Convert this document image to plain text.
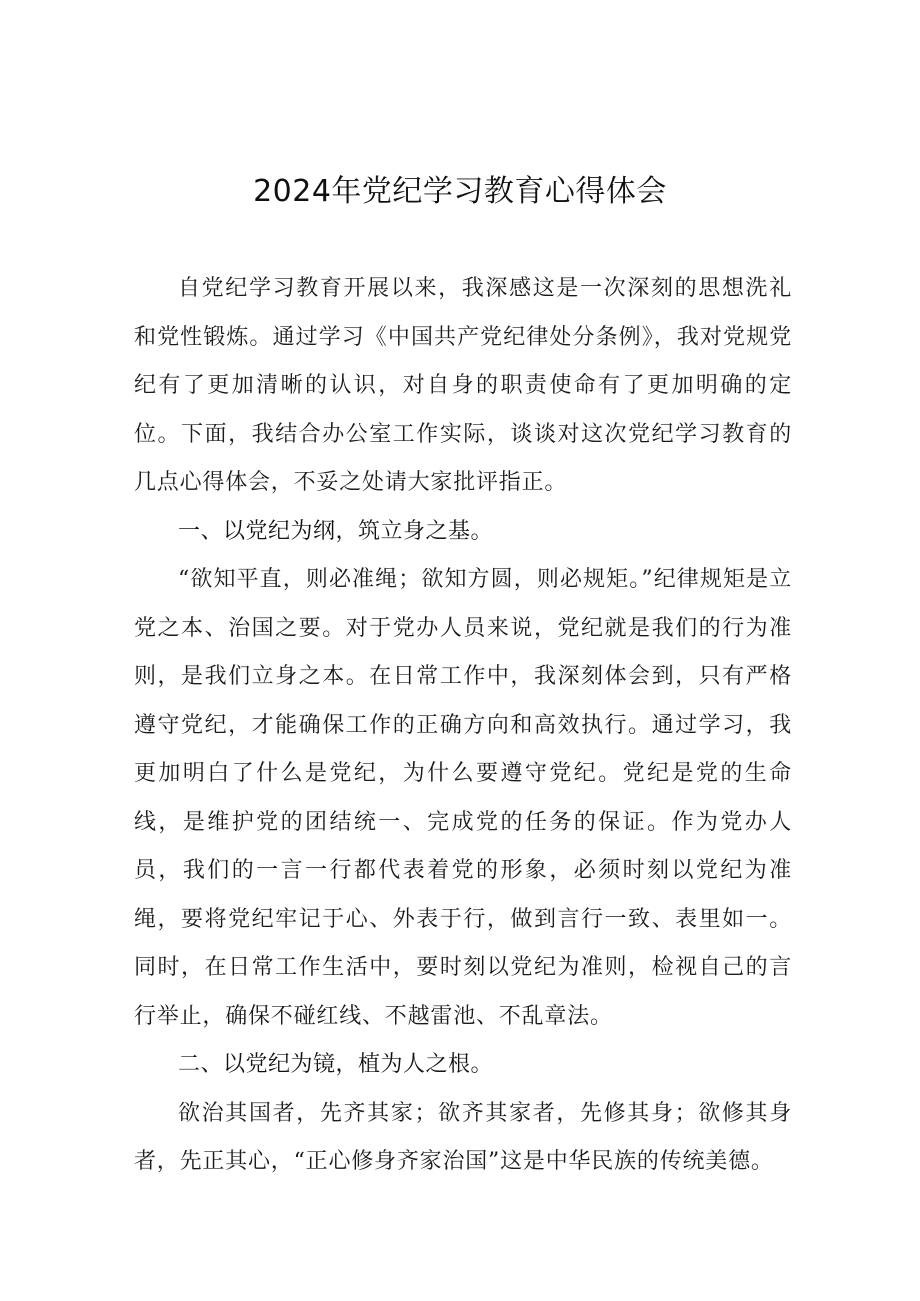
2024年党纪学习教育心得体会

自党纪学习教育开展以来，我深感这是一次深刻的思想洗礼和党性锻炼。通过学习《中国共产党纪律处分条例》，我对党规党纪有了更加清晰的认识，对自身的职责使命有了更加明确的定位。下面，我结合办公室工作实际，谈谈对这次党纪学习教育的几点心得体会，不妥之处请大家批评指正。

一、以党纪为纲，筑立身之基。

“欲知平直，则必准绳；欲知方圆，则必规矩。”纪律规矩是立党之本、治国之要。对于党办人员来说，党纪就是我们的行为准则，是我们立身之本。在日常工作中，我深刻体会到，只有严格遵守党纪，才能确保工作的正确方向和高效执行。通过学习，我更加明白了什么是党纪，为什么要遵守党纪。党纪是党的生命线，是维护党的团结统一、完成党的任务的保证。作为党办人员，我们的一言一行都代表着党的形象，必须时刻以党纪为准绳，要将党纪牢记于心、外表于行，做到言行一致、表里如一。同时，在日常工作生活中，要时刻以党纪为准则，检视自己的言行举止，确保不碰红线、不越雷池、不乱章法。

二、以党纪为镜，植为人之根。

欲治其国者，先齐其家；欲齐其家者，先修其身；欲修其身者，先正其心，“正心修身齐家治国”这是中华民族的传统美德。
